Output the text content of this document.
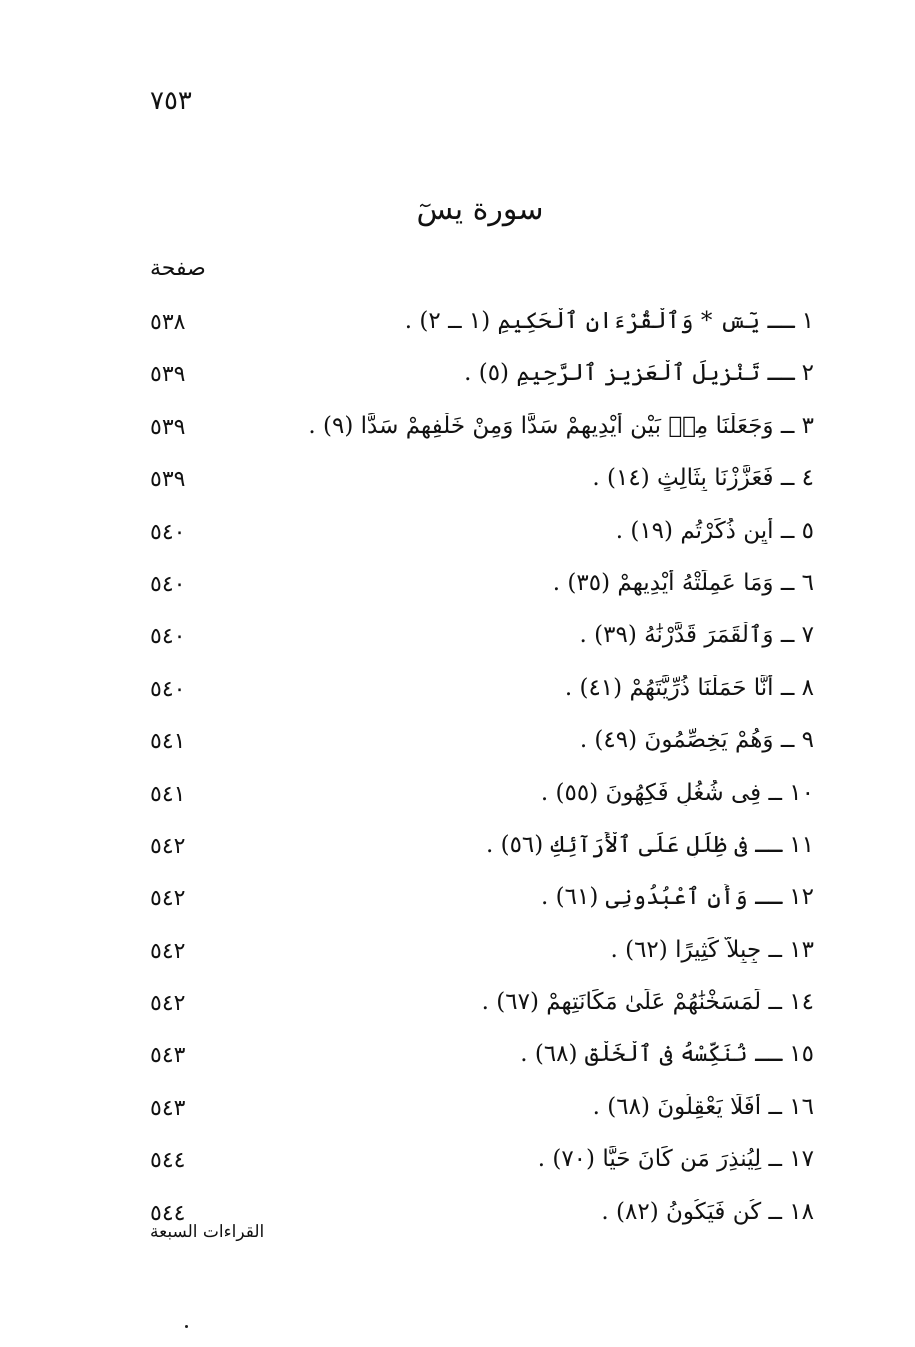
٧٥٣
سورة يسٓ
صفحة
١ ــ يٓسٓ * وَٱلْقُرْءَانِ ٱلْحَكِيمِ (١ ــ ٢) .
٥٣٨
٢ ــ تَنْزِيلَ ٱلْعَزِيزِ ٱلرَّحِيمِ (٥) .
٥٣٩
٣ ــ وَجَعَلْنَا مِنۢ بَيْنِ أَيْدِيهِمْ سَدًّا وَمِنْ خَلْفِهِمْ سَدًّا (٩) .
٥٣٩
٤ ــ فَعَزَّزْنَا بِثَالِثٍ (١٤) .
٥٣٩
٥ ــ أَيِن ذُكِّرْتُم (١٩) .
٥٤٠
٦ ــ وَمَا عَمِلَتْهُ أَيْدِيهِمْ (٣٥) .
٥٤٠
٧ ــ وَٱلْقَمَرَ قَدَّرْنَٰهُ (٣٩) .
٥٤٠
٨ ــ أَنَّا حَمَلْنَا ذُرِّيَّتَهُمْ (٤١) .
٥٤٠
٩ ــ وَهُمْ يَخِصِّمُونَ (٤٩) .
٥٤١
١٠ ــ فِى شُغُلٍ فَكِهُونَ (٥٥) .
٥٤١
١١ ــ فِى ظِلَٰلٍ عَلَى ٱلْأَرَآئِكِ (٥٦) .
٥٤٢
١٢ ــ وَأَنِ ٱعْبُدُونِى (٦١) .
٥٤٢
١٣ ــ جِبِلاًّ كَثِيرًا (٦٢) .
٥٤٢
١٤ ــ لَمَسَخْنَٰهُمْ عَلَىٰ مَكَانَتِهِمْ (٦٧) .
٥٤٢
١٥ ــ نُنَكِّسْهُ فِى ٱلْخَلْقِ (٦٨) .
٥٤٣
١٦ ــ أَفَلَا يَعْقِلُونَ (٦٨) .
٥٤٣
١٧ ــ لِيُنذِرَ مَن كَانَ حَيًّا (٧٠) .
٥٤٤
١٨ ــ كُن فَيَكُونُ (٨٢) .
٥٤٤
القراءات السبعة
